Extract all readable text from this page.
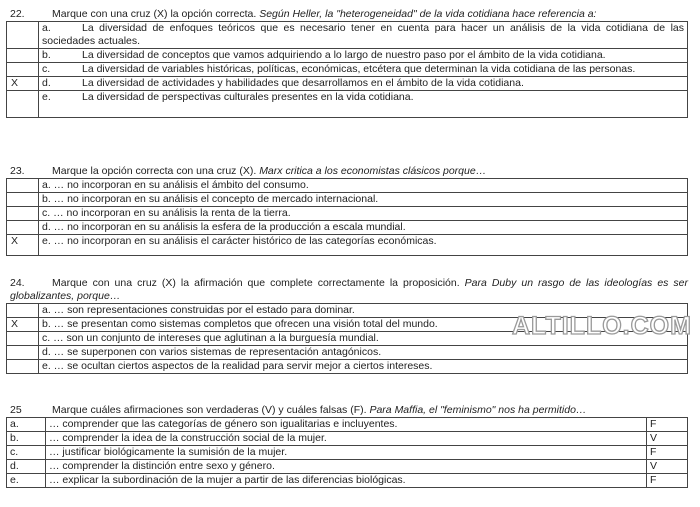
22.	Marque con una cruz (X) la opción correcta. Según Heller, la "heterogeneidad" de la vida cotidiana hace referencia a:
	a. La diversidad de enfoques teóricos que es necesario tener en cuenta para hacer un análisis de la vida cotidiana de las sociedades actuales.
	b. La diversidad de conceptos que vamos adquiriendo a lo largo de nuestro paso por el ámbito de la vida cotidiana.
	c. La diversidad de variables históricas, políticas, económicas, etcétera que determinan la vida cotidiana de las personas.
X	d. La diversidad de actividades y habilidades que desarrollamos en el ámbito de la vida cotidiana.
	e. La diversidad de perspectivas culturales presentes en la vida cotidiana.
23.	Marque la opción correcta con una cruz (X). Marx critica a los economistas clásicos porque…
	a. … no incorporan en su análisis el ámbito del consumo.
	b. … no incorporan en su análisis el concepto de mercado internacional.
	c. … no incorporan en su análisis la renta de la tierra.
	d. … no incorporan en su análisis la esfera de la producción a escala mundial.
X	e. … no incorporan en su análisis el carácter histórico de las categorías económicas.
24.	Marque con una cruz (X) la afirmación que complete correctamente la proposición. Para Duby un rasgo de las ideologías es ser globalizantes, porque…
	a. … son representaciones construidas por el estado para dominar.
X	b. … se presentan como sistemas completos que ofrecen una visión total del mundo.
	c. … son un conjunto de intereses que aglutinan a la burguesía mundial.
	d. … se superponen con varios sistemas de representación antagónicos.
	e. … se ocultan ciertos aspectos de la realidad para servir mejor a ciertos intereses.
ALTILLO.COM
25	Marque cuáles afirmaciones son verdaderas (V) y cuáles falsas (F). Para Maffia, el "feminismo" nos ha permitido…
a.	… comprender que las categorías de género son igualitarias e incluyentes.	F
b.	… comprender la idea de la construcción social de la mujer.	V
c.	… justificar biológicamente la sumisión de la mujer.	F
d.	… comprender la distinción entre sexo y género.	V
e.	… explicar la subordinación de la mujer a partir de las diferencias biológicas.	F
